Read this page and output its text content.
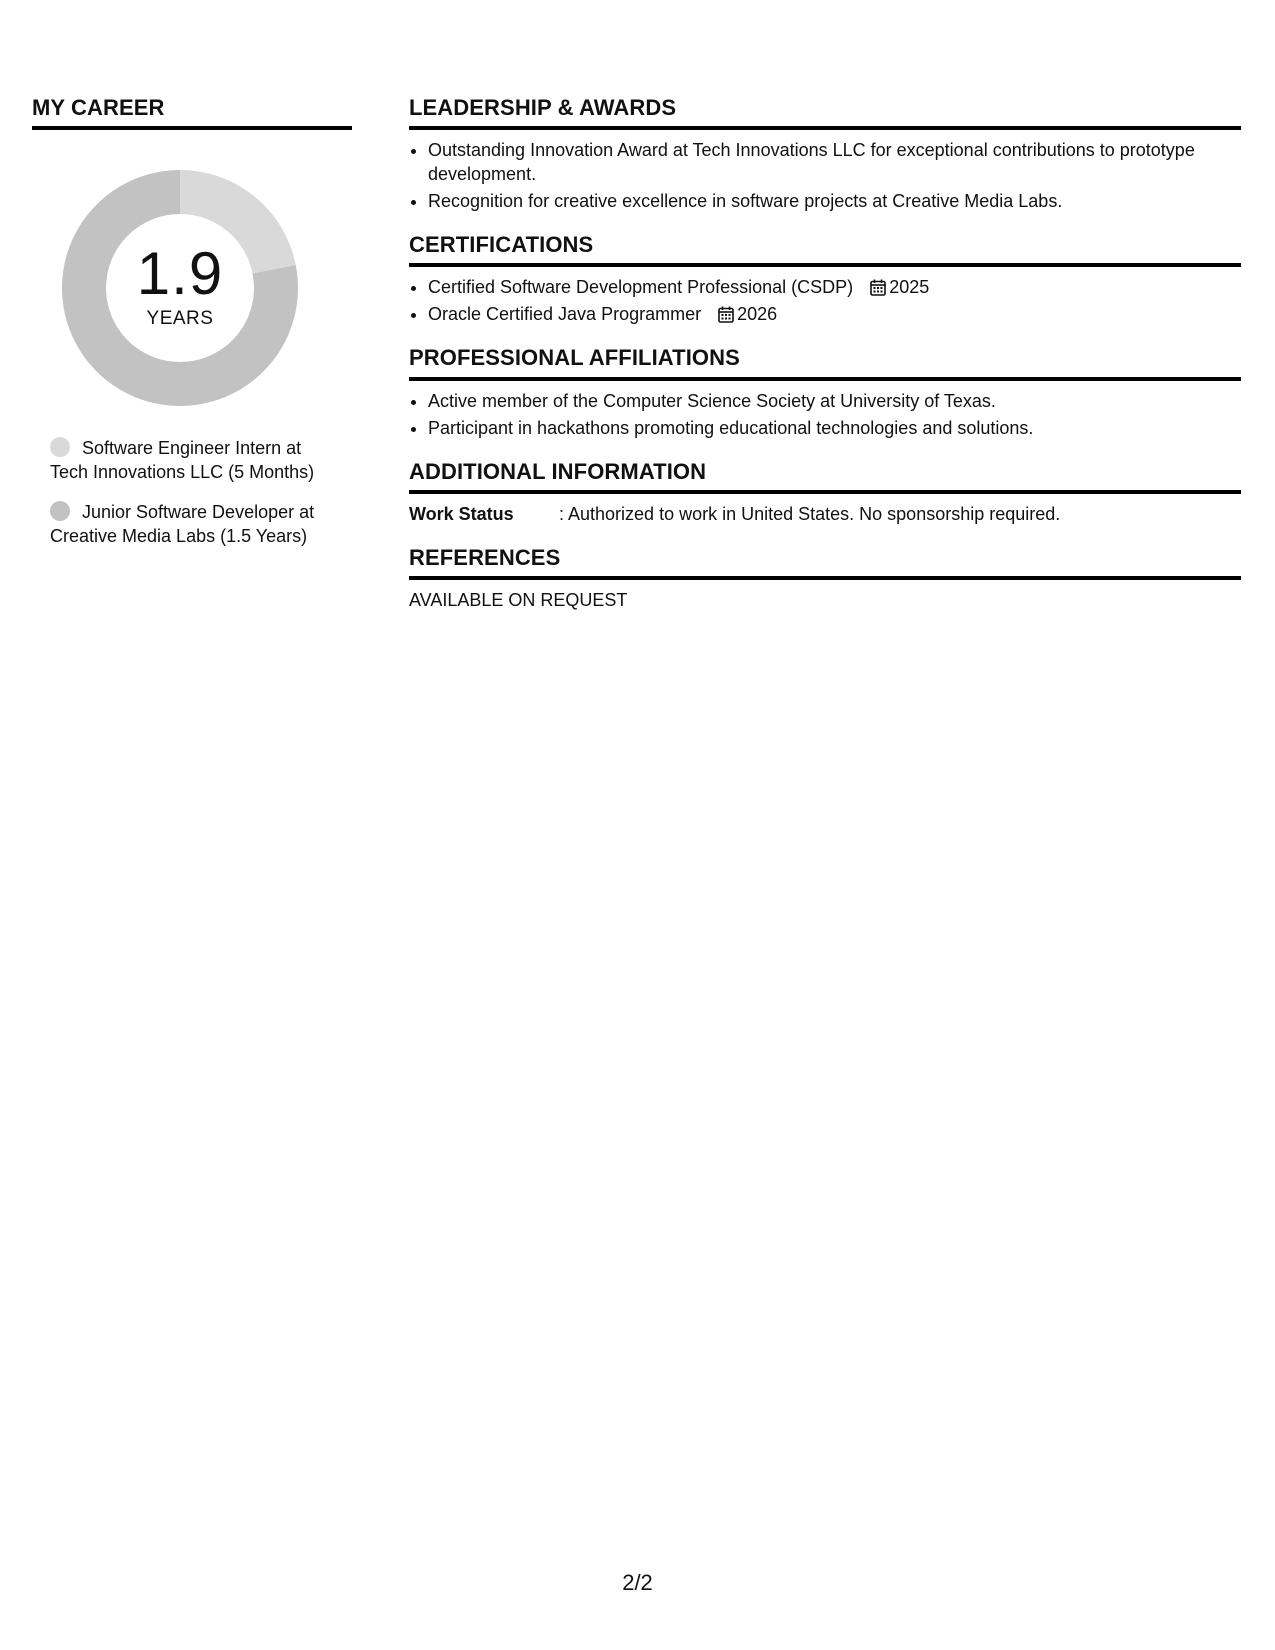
MY CAREER
1.9
YEARS
Software Engineer Intern at Tech Innovations LLC (5 Months)
Junior Software Developer at Creative Media Labs (1.5 Years)
LEADERSHIP & AWARDS
• Outstanding Innovation Award at Tech Innovations LLC for exceptional contributions to prototype development.
• Recognition for creative excellence in software projects at Creative Media Labs.
CERTIFICATIONS
• Certified Software Development Professional (CSDP) 2025
• Oracle Certified Java Programmer 2026
PROFESSIONAL AFFILIATIONS
• Active member of the Computer Science Society at University of Texas.
• Participant in hackathons promoting educational technologies and solutions.
ADDITIONAL INFORMATION
Work Status	: Authorized to work in United States. No sponsorship required.
REFERENCES

AVAILABLE ON REQUEST

2/2
